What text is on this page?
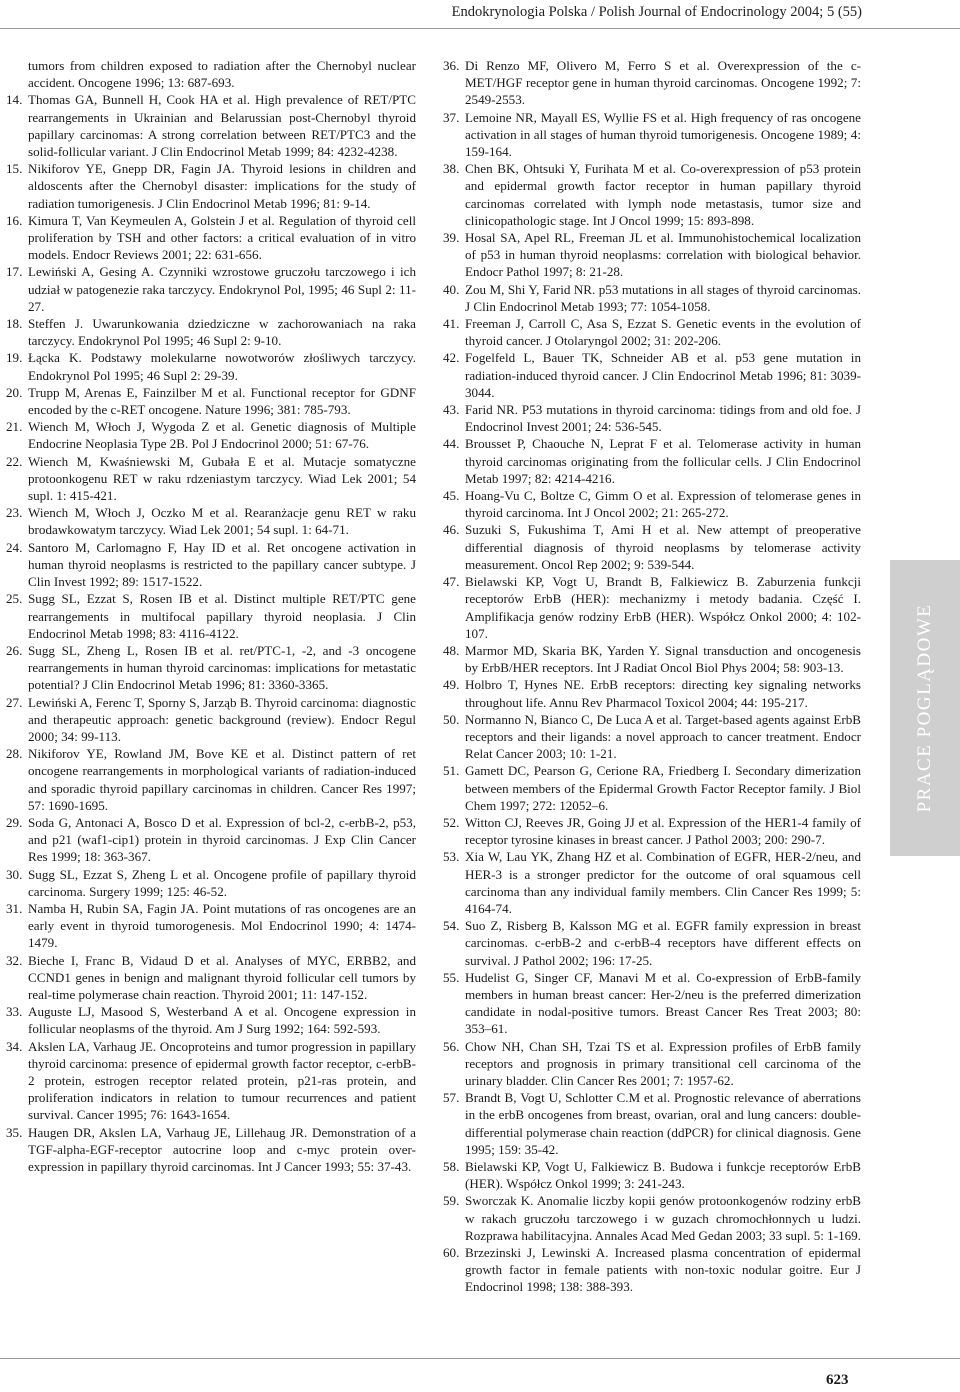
Endokrynologia Polska / Polish Journal of Endocrinology 2004; 5 (55)
tumors from children exposed to radiation after the Chernobyl nuclear accident. Oncogene 1996; 13: 687-693.
14. Thomas GA, Bunnell H, Cook HA et al. High prevalence of RET/PTC rearrangements in Ukrainian and Belarussian post-Chernobyl thyroid papillary carcinomas: A strong correlation between RET/PTC3 and the solid-follicular variant. J Clin Endocrinol Metab 1999; 84: 4232-4238.
15. Nikiforov YE, Gnepp DR, Fagin JA. Thyroid lesions in children and aldoscents after the Chernobyl disaster: implications for the study of radiation tumorigenesis. J Clin Endocrinol Metab 1996; 81: 9-14.
16. Kimura T, Van Keymeulen A, Golstein J et al. Regulation of thyroid cell proliferation by TSH and other factors: a critical evaluation of in vitro models. Endocr Reviews 2001; 22: 631-656.
17. Lewiński A, Gesing A. Czynniki wzrostowe gruczołu tarczowego i ich udział w patogenezie raka tarczycy. Endokrynol Pol, 1995; 46 Supl 2: 11-27.
18. Steffen J. Uwarunkowania dziedziczne w zachorowaniach na raka tarczycy. Endokrynol Pol 1995; 46 Supl 2: 9-10.
19. Łącka K. Podstawy molekularne nowotworów złośliwych tarczycy. Endokrynol Pol 1995; 46 Supl 2: 29-39.
20. Trupp M, Arenas E, Fainzilber M et al. Functional receptor for GDNF encoded by the c-RET oncogene. Nature 1996; 381: 785-793.
21. Wiench M, Włoch J, Wygoda Z et al. Genetic diagnosis of Multiple Endocrine Neoplasia Type 2B. Pol J Endocrinol 2000; 51: 67-76.
22. Wiench M, Kwaśniewski M, Gubała E et al. Mutacje somatyczne protoonkogenu RET w raku rdzeniastym tarczycy. Wiad Lek 2001; 54 supl. 1: 415-421.
23. Wiench M, Włoch J, Oczko M et al. Rearanżacje genu RET w raku brodawkowatym tarczycy. Wiad Lek 2001; 54 supl. 1: 64-71.
24. Santoro M, Carlomagno F, Hay ID et al. Ret oncogene activation in human thyroid neoplasms is restricted to the papillary cancer subtype. J Clin Invest 1992; 89: 1517-1522.
25. Sugg SL, Ezzat S, Rosen IB et al. Distinct multiple RET/PTC gene rearrangements in multifocal papillary thyroid neoplasia. J Clin Endocrinol Metab 1998; 83: 4116-4122.
26. Sugg SL, Zheng L, Rosen IB et al. ret/PTC-1, -2, and -3 oncogene rearrangements in human thyroid carcinomas: implications for metastatic potential? J Clin Endocrinol Metab 1996; 81: 3360-3365.
27. Lewiński A, Ferenc T, Sporny S, Jarząb B. Thyroid carcinoma: diagnostic and therapeutic approach: genetic background (review). Endocr Regul 2000; 34: 99-113.
28. Nikiforov YE, Rowland JM, Bove KE et al. Distinct pattern of ret oncogene rearrangements in morphological variants of radiation-induced and sporadic thyroid papillary carcinomas in children. Cancer Res 1997; 57: 1690-1695.
29. Soda G, Antonaci A, Bosco D et al. Expression of bcl-2, c-erbB-2, p53, and p21 (waf1-cip1) protein in thyroid carcinomas. J Exp Clin Cancer Res 1999; 18: 363-367.
30. Sugg SL, Ezzat S, Zheng L et al. Oncogene profile of papillary thyroid carcinoma. Surgery 1999; 125: 46-52.
31. Namba H, Rubin SA, Fagin JA. Point mutations of ras oncogenes are an early event in thyroid tumorogenesis. Mol Endocrinol 1990; 4: 1474-1479.
32. Bieche I, Franc B, Vidaud D et al. Analyses of MYC, ERBB2, and CCND1 genes in benign and malignant thyroid follicular cell tumors by real-time polymerase chain reaction. Thyroid 2001; 11: 147-152.
33. Auguste LJ, Masood S, Westerband A et al. Oncogene expression in follicular neoplasms of the thyroid. Am J Surg 1992; 164: 592-593.
34. Akslen LA, Varhaug JE. Oncoproteins and tumor progression in papillary thyroid carcinoma: presence of epidermal growth factor receptor, c-erbB-2 protein, estrogen receptor related protein, p21-ras protein, and proliferation indicators in relation to tumour recurrences and patient survival. Cancer 1995; 76: 1643-1654.
35. Haugen DR, Akslen LA, Varhaug JE, Lillehaug JR. Demonstration of a TGF-alpha-EGF-receptor autocrine loop and c-myc protein over-expression in papillary thyroid carcinomas. Int J Cancer 1993; 55: 37-43.
36. Di Renzo MF, Olivero M, Ferro S et al. Overexpression of the c-MET/HGF receptor gene in human thyroid carcinomas. Oncogene 1992; 7: 2549-2553.
37. Lemoine NR, Mayall ES, Wyllie FS et al. High frequency of ras oncogene activation in all stages of human thyroid tumorigenesis. Oncogene 1989; 4: 159-164.
38. Chen BK, Ohtsuki Y, Furihata M et al. Co-overexpression of p53 protein and epidermal growth factor receptor in human papillary thyroid carcinomas correlated with lymph node metastasis, tumor size and clinicopathologic stage. Int J Oncol 1999; 15: 893-898.
39. Hosal SA, Apel RL, Freeman JL et al. Immunohistochemical localization of p53 in human thyroid neoplasms: correlation with biological behavior. Endocr Pathol 1997; 8: 21-28.
40. Zou M, Shi Y, Farid NR. p53 mutations in all stages of thyroid carcinomas. J Clin Endocrinol Metab 1993; 77: 1054-1058.
41. Freeman J, Carroll C, Asa S, Ezzat S. Genetic events in the evolution of thyroid cancer. J Otolaryngol 2002; 31: 202-206.
42. Fogelfeld L, Bauer TK, Schneider AB et al. p53 gene mutation in radiation-induced thyroid cancer. J Clin Endocrinol Metab 1996; 81: 3039-3044.
43. Farid NR. P53 mutations in thyroid carcinoma: tidings from and old foe. J Endocrinol Invest 2001; 24: 536-545.
44. Brousset P, Chaouche N, Leprat F et al. Telomerase activity in human thyroid carcinomas originating from the follicular cells. J Clin Endocrinol Metab 1997; 82: 4214-4216.
45. Hoang-Vu C, Boltze C, Gimm O et al. Expression of telomerase genes in thyroid carcinoma. Int J Oncol 2002; 21: 265-272.
46. Suzuki S, Fukushima T, Ami H et al. New attempt of preoperative differential diagnosis of thyroid neoplasms by telomerase activity measurement. Oncol Rep 2002; 9: 539-544.
47. Bielawski KP, Vogt U, Brandt B, Falkiewicz B. Zaburzenia funkcji receptorów ErbB (HER): mechanizmy i metody badania. Część I. Amplifikacja genów rodziny ErbB (HER). Współcz Onkol 2000; 4: 102-107.
48. Marmor MD, Skaria BK, Yarden Y. Signal transduction and oncogenesis by ErbB/HER receptors. Int J Radiat Oncol Biol Phys 2004; 58: 903-13.
49. Holbro T, Hynes NE. ErbB receptors: directing key signaling networks throughout life. Annu Rev Pharmacol Toxicol 2004; 44: 195-217.
50. Normanno N, Bianco C, De Luca A et al. Target-based agents against ErbB receptors and their ligands: a novel approach to cancer treatment. Endocr Relat Cancer 2003; 10: 1-21.
51. Gamett DC, Pearson G, Cerione RA, Friedberg I. Secondary dimerization between members of the Epidermal Growth Factor Receptor family. J Biol Chem 1997; 272: 12052–6.
52. Witton CJ, Reeves JR, Going JJ et al. Expression of the HER1-4 family of receptor tyrosine kinases in breast cancer. J Pathol 2003; 200: 290-7.
53. Xia W, Lau YK, Zhang HZ et al. Combination of EGFR, HER-2/neu, and HER-3 is a stronger predictor for the outcome of oral squamous cell carcinoma than any individual family members. Clin Cancer Res 1999; 5: 4164-74.
54. Suo Z, Risberg B, Kalsson MG et al. EGFR family expression in breast carcinomas. c-erbB-2 and c-erbB-4 receptors have different effects on survival. J Pathol 2002; 196: 17-25.
55. Hudelist G, Singer CF, Manavi M et al. Co-expression of ErbB-family members in human breast cancer: Her-2/neu is the preferred dimerization candidate in nodal-positive tumors. Breast Cancer Res Treat 2003; 80: 353–61.
56. Chow NH, Chan SH, Tzai TS et al. Expression profiles of ErbB family receptors and prognosis in primary transitional cell carcinoma of the urinary bladder. Clin Cancer Res 2001; 7: 1957-62.
57. Brandt B, Vogt U, Schlotter C.M et al. Prognostic relevance of aberrations in the erbB oncogenes from breast, ovarian, oral and lung cancers: double-differential polymerase chain reaction (ddPCR) for clinical diagnosis. Gene 1995; 159: 35-42.
58. Bielawski KP, Vogt U, Falkiewicz B. Budowa i funkcje receptorów ErbB (HER). Współcz Onkol 1999; 3: 241-243.
59. Sworczak K. Anomalie liczby kopii genów protoonkogenów rodziny erbB w rakach gruczołu tarczowego i w guzach chromochłonnych u ludzi. Rozprawa habilitacyjna. Annales Acad Med Gedan 2003; 33 supl. 5: 1-169.
60. Brzezinski J, Lewinski A. Increased plasma concentration of epidermal growth factor in female patients with non-toxic nodular goitre. Eur J Endocrinol 1998; 138: 388-393.
PRACE POGLĄDOWE
623
